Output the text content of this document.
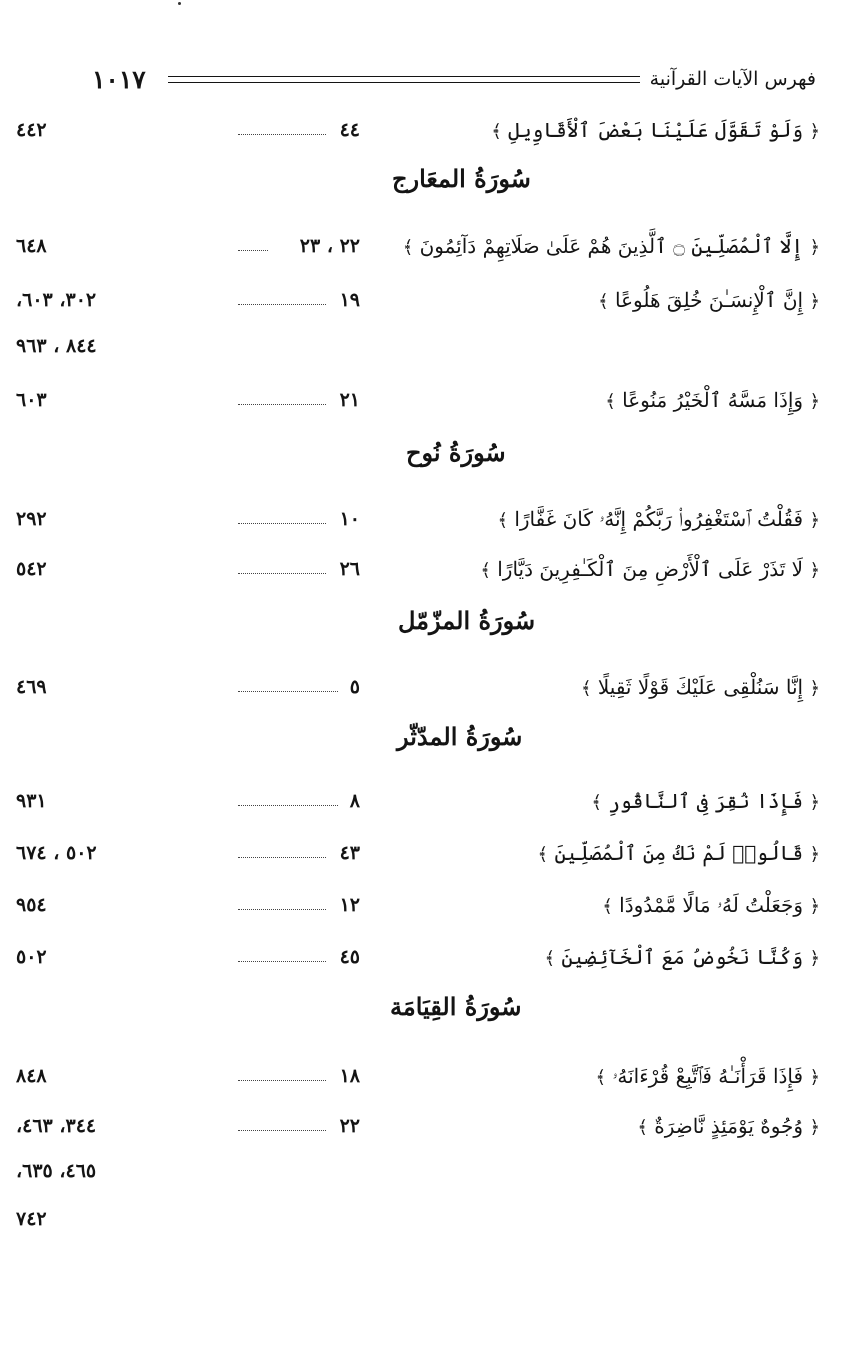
١٠١٧	فهرس الآيات القرآنية
﴿ وَلَوْ تَقَوَّلَ عَلَيْنَا بَعْضَ ٱلْأَقَاوِيلِ ﴾
٤٤
٤٤٢
سُورَةُ المعَارج
﴿ إِلَّا ٱلْمُصَلِّينَ ۝ ٱلَّذِينَ هُمْ عَلَىٰ صَلَاتِهِمْ دَآئِمُونَ ﴾
٢٢ ، ٢٣
٦٤٨
﴿ إِنَّ ٱلْإِنسَـٰنَ خُلِقَ هَلُوعًا ﴾
١٩
٣٠٢، ٦٠٣،
٨٤٤ ، ٩٦٣
﴿ وَإِذَا مَسَّهُ ٱلْخَيْرُ مَنُوعًا ﴾
٢١
٦٠٣
سُورَةُ نُوح
﴿ فَقُلْتُ ٱسْتَغْفِرُوا۟ رَبَّكُمْ إِنَّهُۥ كَانَ غَفَّارًا ﴾
١٠
٢٩٢
﴿ لَا تَذَرْ عَلَى ٱلْأَرْضِ مِنَ ٱلْكَـٰفِرِينَ دَيَّارًا ﴾
٢٦
٥٤٢
سُورَةُ المزّمّل
﴿ إِنَّا سَنُلْقِى عَلَيْكَ قَوْلًا ثَقِيلًا ﴾
٥
٤٦٩
سُورَةُ المدّثّر
﴿ فَإِذَا نُقِرَ فِى ٱلنَّاقُورِ ﴾
٨
٩٣١
﴿ قَالُوا۟ لَمْ نَكُ مِنَ ٱلْمُصَلِّينَ ﴾
٤٣
٥٠٢ ، ٦٧٤
﴿ وَجَعَلْتُ لَهُۥ مَالًا مَّمْدُودًا ﴾
١٢
٩٥٤
﴿ وَكُنَّا نَخُوضُ مَعَ ٱلْخَآئِضِينَ ﴾
٤٥
٥٠٢
سُورَةُ القِيَامَة
﴿ فَإِذَا قَرَأْنَـٰهُ فَٱتَّبِعْ قُرْءَانَهُۥ ﴾
١٨
٨٤٨
﴿ وُجُوهٌ يَوْمَئِذٍ نَّاضِرَةٌ ﴾
٢٢
٣٤٤، ٤٦٣،
٤٦٥، ٦٣٥،
٧٤٢
